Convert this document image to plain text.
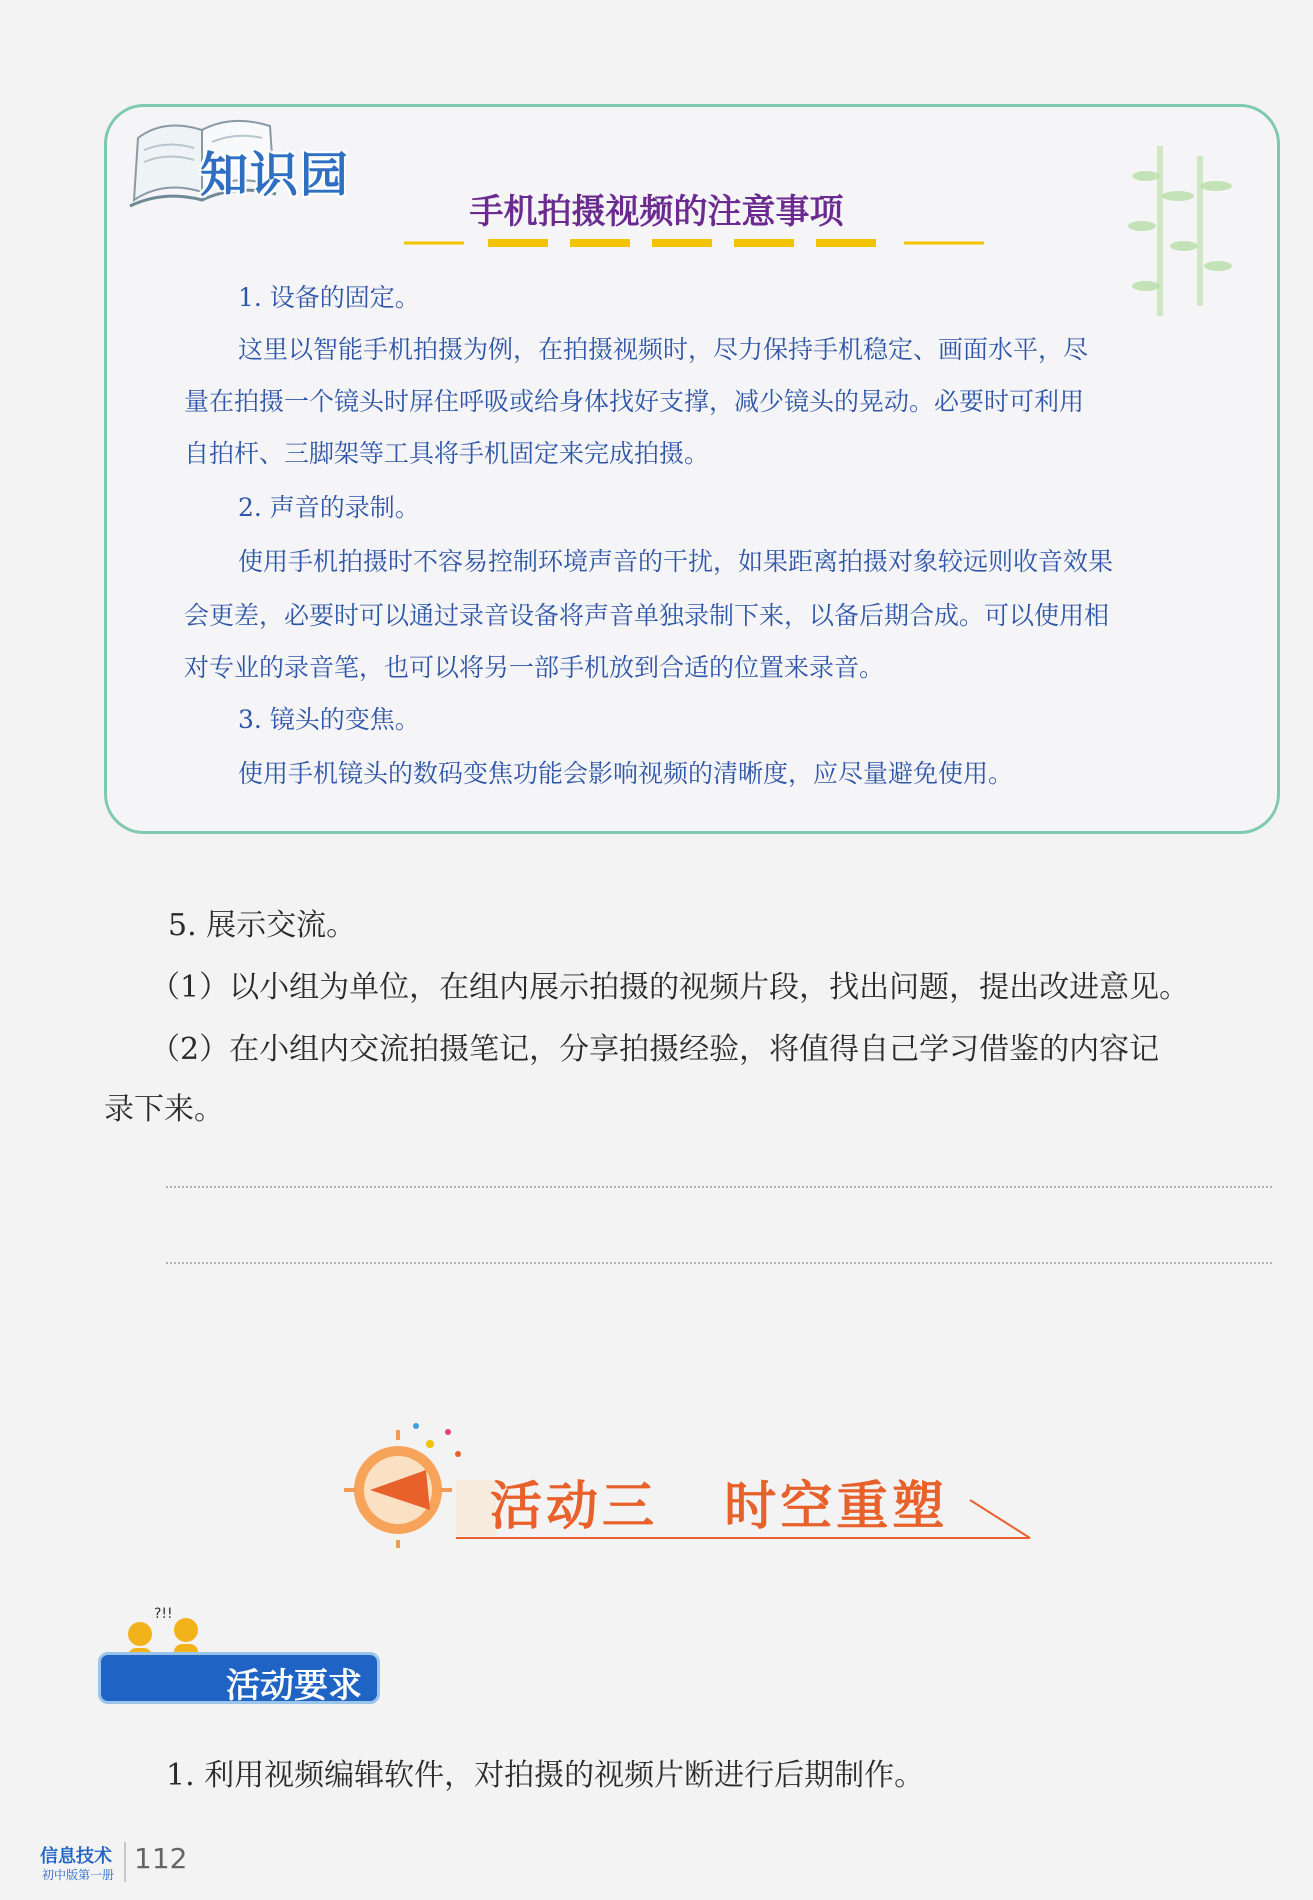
知识园
手机拍摄视频的注意事项
1. 设备的固定。
这里以智能手机拍摄为例，在拍摄视频时，尽力保持手机稳定、画面水平，尽
量在拍摄一个镜头时屏住呼吸或给身体找好支撑，减少镜头的晃动。必要时可利用
自拍杆、三脚架等工具将手机固定来完成拍摄。
2. 声音的录制。
使用手机拍摄时不容易控制环境声音的干扰，如果距离拍摄对象较远则收音效果
会更差，必要时可以通过录音设备将声音单独录制下来，以备后期合成。可以使用相
对专业的录音笔，也可以将另一部手机放到合适的位置来录音。
3. 镜头的变焦。
使用手机镜头的数码变焦功能会影响视频的清晰度，应尽量避免使用。
5. 展示交流。
（1）以小组为单位，在组内展示拍摄的视频片段，找出问题，提出改进意见。
（2）在小组内交流拍摄笔记，分享拍摄经验，将值得自己学习借鉴的内容记
录下来。
活动三   时空重塑
?!!
活动要求
1. 利用视频编辑软件，对拍摄的视频片断进行后期制作。
信息技术
初中版第一册 112
